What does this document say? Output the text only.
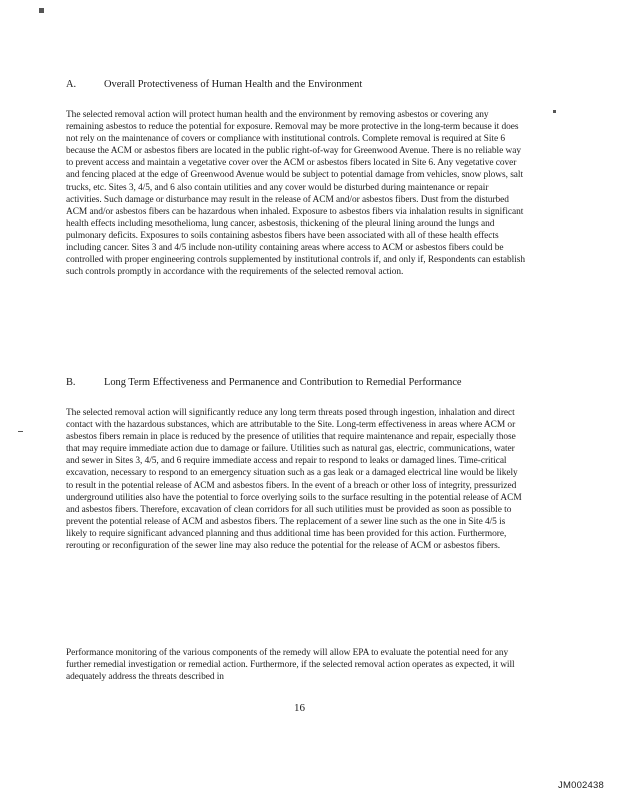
A.	Overall Protectiveness of Human Health and the Environment

The selected removal action will protect human health and the environment by removing asbestos or covering any remaining asbestos to reduce the potential for exposure. Removal may be more protective in the long-term because it does not rely on the maintenance of covers or compliance with institutional controls. Complete removal is required at Site 6 because the ACM or asbestos fibers are located in the public right-of-way for Greenwood Avenue. There is no reliable way to prevent access and maintain a vegetative cover over the ACM or asbestos fibers located in Site 6. Any vegetative cover and fencing placed at the edge of Greenwood Avenue would be subject to potential damage from vehicles, snow plows, salt trucks, etc. Sites 3, 4/5, and 6 also contain utilities and any cover would be disturbed during maintenance or repair activities. Such damage or disturbance may result in the release of ACM and/or asbestos fibers. Dust from the disturbed ACM and/or asbestos fibers can be hazardous when inhaled. Exposure to asbestos fibers via inhalation results in significant health effects including mesothelioma, lung cancer, asbestosis, thickening of the pleural lining around the lungs and pulmonary deficits. Exposures to soils containing asbestos fibers have been associated with all of these health effects including cancer. Sites 3 and 4/5 include non-utility containing areas where access to ACM or asbestos fibers could be controlled with proper engineering controls supplemented by institutional controls if, and only if, Respondents can establish such controls promptly in accordance with the requirements of the selected removal action.

B.	Long Term Effectiveness and Permanence and Contribution to Remedial Performance

The selected removal action will significantly reduce any long term threats posed through ingestion, inhalation and direct contact with the hazardous substances, which are attributable to the Site. Long-term effectiveness in areas where ACM or asbestos fibers remain in place is reduced by the presence of utilities that require maintenance and repair, especially those that may require immediate action due to damage or failure. Utilities such as natural gas, electric, communications, water and sewer in Sites 3, 4/5, and 6 require immediate access and repair to respond to leaks or damaged lines. Time-critical excavation, necessary to respond to an emergency situation such as a gas leak or a damaged electrical line would be likely to result in the potential release of ACM and asbestos fibers. In the event of a breach or other loss of integrity, pressurized underground utilities also have the potential to force overlying soils to the surface resulting in the potential release of ACM and asbestos fibers. Therefore, excavation of clean corridors for all such utilities must be provided as soon as possible to prevent the potential release of ACM and asbestos fibers. The replacement of a sewer line such as the one in Site 4/5 is likely to require significant advanced planning and thus additional time has been provided for this action. Furthermore, rerouting or reconfiguration of the sewer line may also reduce the potential for the release of ACM or asbestos fibers.

Performance monitoring of the various components of the remedy will allow EPA to evaluate the potential need for any further remedial investigation or remedial action. Furthermore, if the selected removal action operates as expected, it will adequately address the threats described in

16

JM002438
